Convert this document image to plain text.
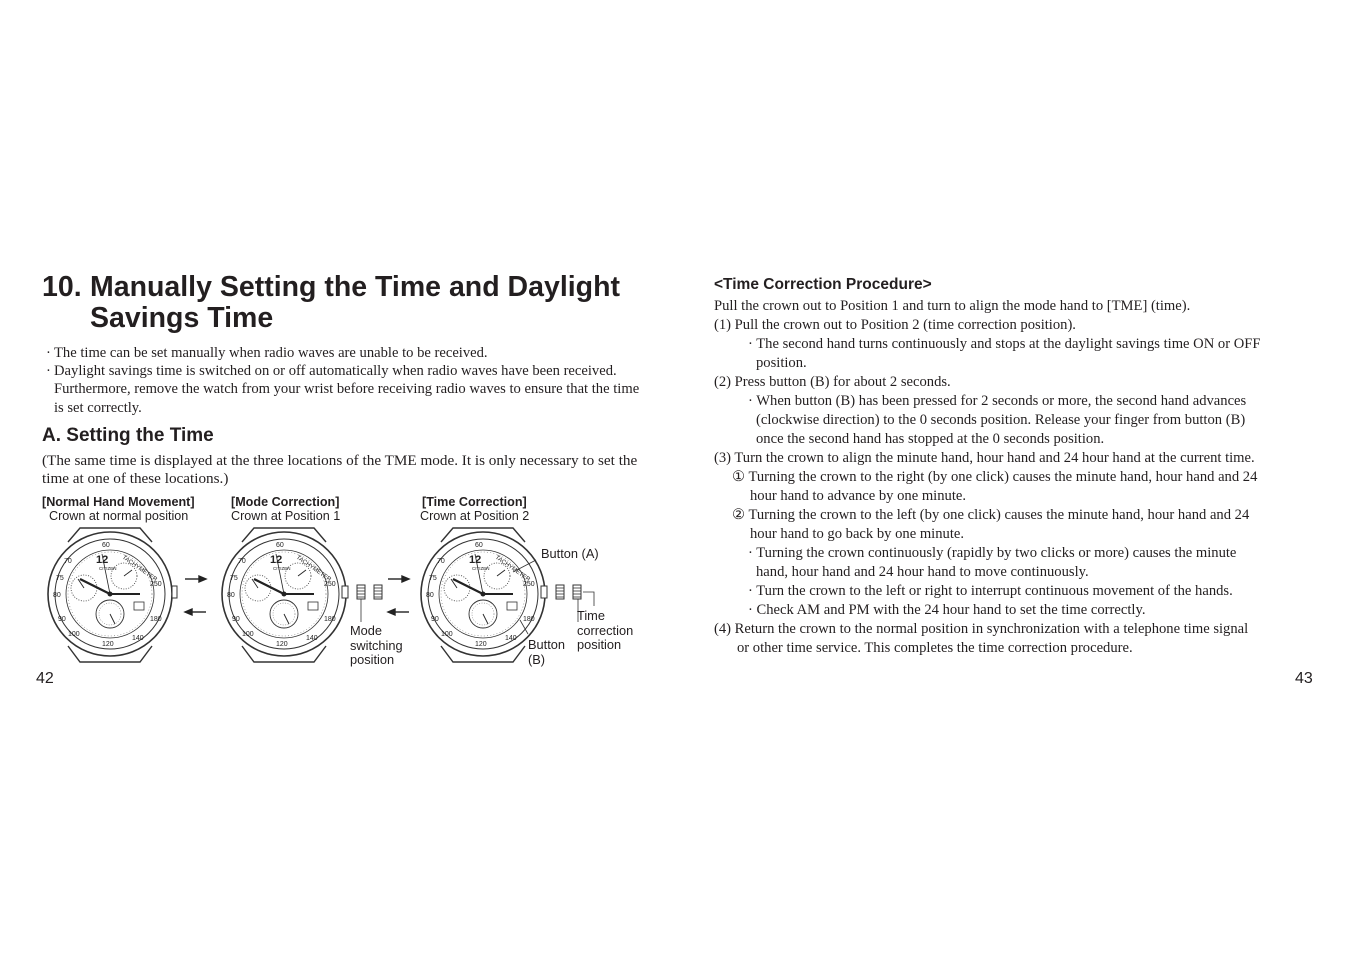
10. Manually Setting the Time and Daylight
Savings Time
· The time can be set manually when radio waves are unable to be received.
· Daylight savings time is switched on or off automatically when radio waves have been received. Furthermore, remove the watch from your wrist before receiving radio waves to ensure that the time is set correctly.
A. Setting the Time
(The same time is displayed at the three locations of the TME mode. It is only necessary to set the time at one of these locations.)
[Normal Hand Movement]
Crown at normal position
[Mode Correction]
Crown at Position 1
[Time Correction]
Crown at Position 2
60
TACHYMETER
70
75
80
90
100
120
140
180
250
12
CITIZEN
60
TACHYMETER
70
75
80
90
100
120
140
180
250
12
CITIZEN
60
TACHYMETER
70
75
80
90
100
120
140
180
250
12
CITIZEN
Mode switching position
Button (A)
Button (B)
Time correction position
42
<Time Correction Procedure>
Pull the crown out to Position 1 and turn to align the mode hand to [TME] (time).
(1) Pull the crown out to Position 2 (time correction position).
· The second hand turns continuously and stops at the daylight savings time ON or OFF
position.
(2) Press button (B) for about 2 seconds.
· When button (B) has been pressed for 2 seconds or more, the second hand advances
(clockwise direction) to the 0 seconds position. Release your finger from button (B)
once the second hand has stopped at the 0 seconds position.
(3) Turn the crown to align the minute hand, hour hand and 24 hour hand at the current time.
① Turning the crown to the right (by one click) causes the minute hand, hour hand and 24
hour hand to advance by one minute.
② Turning the crown to the left (by one click) causes the minute hand, hour hand and 24
hour hand to go back by one minute.
· Turning the crown continuously (rapidly by two clicks or more) causes the minute
hand, hour hand and 24 hour hand to move continuously.
· Turn the crown to the left or right to interrupt continuous movement of the hands.
· Check AM and PM with the 24 hour hand to set the time correctly.
(4) Return the crown to the normal position in synchronization with a telephone time signal
or other time service. This completes the time correction procedure.
43
